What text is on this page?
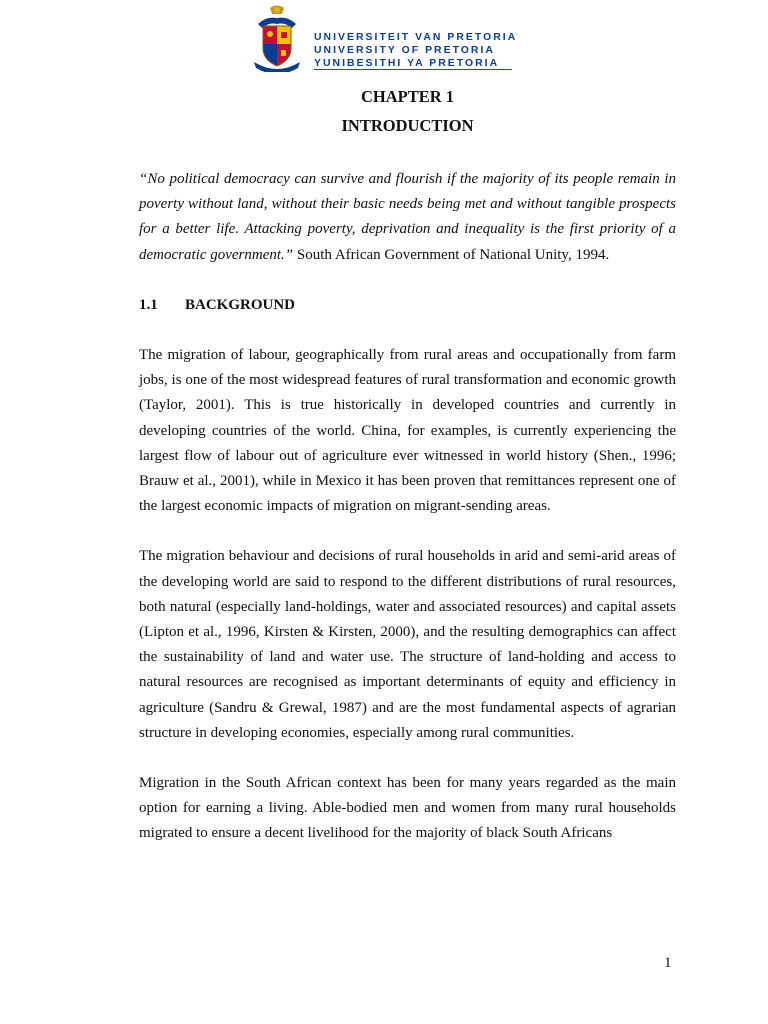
UNIVERSITEIT VAN PRETORIA
UNIVERSITY OF PRETORIA
YUNIBESITHI YA PRETORIA
CHAPTER 1
INTRODUCTION

“No political democracy can survive and flourish if the majority of its people remain in poverty without land, without their basic needs being met and without tangible prospects for a better life. Attacking poverty, deprivation and inequality is the first priority of a democratic government.” South African Government of National Unity, 1994.

1.1	BACKGROUND

The migration of labour, geographically from rural areas and occupationally from farm jobs, is one of the most widespread features of rural transformation and economic growth (Taylor, 2001). This is true historically in developed countries and currently in developing countries of the world. China, for examples, is currently experiencing the largest flow of labour out of agriculture ever witnessed in world history (Shen., 1996; Brauw et al., 2001), while in Mexico it has been proven that remittances represent one of the largest economic impacts of migration on migrant-sending areas.

The migration behaviour and decisions of rural households in arid and semi-arid areas of the developing world are said to respond to the different distributions of rural resources, both natural (especially land-holdings, water and associated resources) and capital assets (Lipton et al., 1996, Kirsten & Kirsten, 2000), and the resulting demographics can affect the sustainability of land and water use. The structure of land-holding and access to natural resources are recognised as important determinants of equity and efficiency in agriculture (Sandru & Grewal, 1987) and are the most fundamental aspects of agrarian structure in developing economies, especially among rural communities.

Migration in the South African context has been for many years regarded as the main option for earning a living. Able-bodied men and women from many rural households migrated to ensure a decent livelihood for the majority of black South Africans

1
